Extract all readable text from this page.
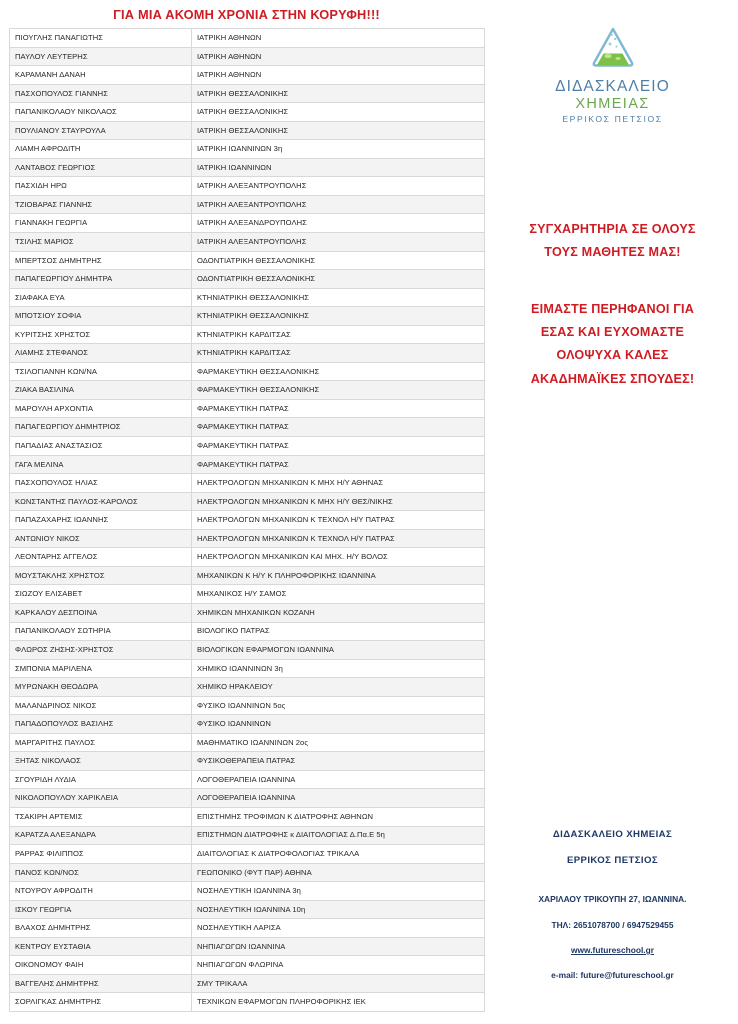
ΓΙΑ ΜΙΑ ΑΚΟΜΗ ΧΡΟΝΙΑ ΣΤΗΝ ΚΟΡΥΦΗ!!!
ΠΙΟΥΓΛΗΣ ΠΑΝΑΓΙΩΤΗΣ	ΙΑΤΡΙΚΗ ΑΘΗΝΩΝ
ΠΑΥΛΟΥ ΛΕΥΤΕΡΗΣ	ΙΑΤΡΙΚΗ ΑΘΗΝΩΝ
ΚΑΡΑΜΑΝΗ ΔΑΝΑΗ	ΙΑΤΡΙΚΗ ΑΘΗΝΩΝ
ΠΑΣΧΟΠΟΥΛΟΣ ΓΙΑΝΝΗΣ	ΙΑΤΡΙΚΗ ΘΕΣΣΑΛΟΝΙΚΗΣ
ΠΑΠΑΝΙΚΟΛΑΟΥ ΝΙΚΟΛΑΟΣ	ΙΑΤΡΙΚΗ ΘΕΣΣΑΛΟΝΙΚΗΣ
ΠΟΥΛΙΑΝΟΥ ΣΤΑΥΡΟΥΛΑ	ΙΑΤΡΙΚΗ ΘΕΣΣΑΛΟΝΙΚΗΣ
ΛΙΑΜΗ ΑΦΡΟΔΙΤΗ	ΙΑΤΡΙΚΗ ΙΩΑΝΝΙΝΩΝ 3η
ΛΑΝΤΑΒΟΣ ΓΕΩΡΓΙΟΣ	ΙΑΤΡΙΚΗ ΙΩΑΝΝΙΝΩΝ
ΠΑΣΧΙΔΗ ΗΡΩ	ΙΑΤΡΙΚΗ ΑΛΕΞΑΝΤΡΟΥΠΟΛΗΣ
ΤΖΙΟΒΑΡΑΣ ΓΙΑΝΝΗΣ	ΙΑΤΡΙΚΗ ΑΛΕΞΑΝΤΡΟΥΠΟΛΗΣ
ΓΙΑΝΝΑΚΗ ΓΕΩΡΓΙΑ	ΙΑΤΡΙΚΗ ΑΛΕΞΑΝΔΡΟΥΠΟΛΗΣ
ΤΣΙΛΗΣ ΜΑΡΙΟΣ	ΙΑΤΡΙΚΗ ΑΛΕΞΑΝΤΡΟΥΠΟΛΗΣ
ΜΠΕΡΤΣΟΣ ΔΗΜΗΤΡΗΣ	ΟΔΟΝΤΙΑΤΡΙΚΗ ΘΕΣΣΑΛΟΝΙΚΗΣ
ΠΑΠΑΓΕΩΡΓΙΟΥ ΔΗΜΗΤΡΑ	ΟΔΟΝΤΙΑΤΡΙΚΗ ΘΕΣΣΑΛΟΝΙΚΗΣ
ΣΙΑΦΑΚΑ ΕΥΑ	ΚΤΗΝΙΑΤΡΙΚΗ ΘΕΣΣΑΛΟΝΙΚΗΣ
ΜΠΟΤΣΙΟΥ ΣΟΦΙΑ	ΚΤΗΝΙΑΤΡΙΚΗ ΘΕΣΣΑΛΟΝΙΚΗΣ
ΚΥΡΙΤΣΗΣ ΧΡΗΣΤΟΣ	ΚΤΗΝΙΑΤΡΙΚΗ ΚΑΡΔΙΤΣΑΣ
ΛΙΑΜΗΣ ΣΤΕΦΑΝΟΣ	ΚΤΗΝΙΑΤΡΙΚΗ ΚΑΡΔΙΤΣΑΣ
ΤΣΙΛΟΓΙΑΝΝΗ ΚΩΝ/ΝΑ	ΦΑΡΜΑΚΕΥΤΙΚΗ ΘΕΣΣΑΛΟΝΙΚΗΣ
ΖΙΑΚΑ ΒΑΣΙΛΙΝΑ	ΦΑΡΜΑΚΕΥΤΙΚΗ ΘΕΣΣΑΛΟΝΙΚΗΣ
ΜΑΡΟΥΛΗ ΑΡΧΟΝΤΙΑ	ΦΑΡΜΑΚΕΥΤΙΚΗ ΠΑΤΡΑΣ
ΠΑΠΑΓΕΩΡΓΙΟΥ ΔΗΜΗΤΡΙΟΣ	ΦΑΡΜΑΚΕΥΤΙΚΗ ΠΑΤΡΑΣ
ΠΑΠΑΔΙΑΣ ΑΝΑΣΤΑΣΙΟΣ	ΦΑΡΜΑΚΕΥΤΙΚΗ ΠΑΤΡΑΣ
ΓΑΓΑ ΜΕΛΙΝΑ	ΦΑΡΜΑΚΕΥΤΙΚΗ ΠΑΤΡΑΣ
ΠΑΣΧΟΠΟΥΛΟΣ ΗΛΙΑΣ	ΗΛΕΚΤΡΟΛΟΓΩΝ ΜΗΧΑΝΙΚΩΝ Κ ΜΗΧ Η/Υ ΑΘΗΝΑΣ
ΚΩΝΣΤΑΝΤΗΣ ΠΑΥΛΟΣ-ΚΑΡΟΛΟΣ	ΗΛΕΚΤΡΟΛΟΓΩΝ ΜΗΧΑΝΙΚΩΝ Κ ΜΗΧ Η/Υ ΘΕΣ/ΝΙΚΗΣ
ΠΑΠΑΖΑΧΑΡΗΣ ΙΩΑΝΝΗΣ	ΗΛΕΚΤΡΟΛΟΓΩΝ ΜΗΧΑΝΙΚΩΝ Κ ΤΕΧΝΟΛ Η/Υ ΠΑΤΡΑΣ
ΑΝΤΩΝΙΟΥ ΝΙΚΟΣ	ΗΛΕΚΤΡΟΛΟΓΩΝ ΜΗΧΑΝΙΚΩΝ Κ ΤΕΧΝΟΛ Η/Υ ΠΑΤΡΑΣ
ΛΕΟΝΤΑΡΗΣ ΑΓΓΕΛΟΣ	ΗΛΕΚΤΡΟΛΟΓΩΝ ΜΗΧΑΝΙΚΩΝ ΚΑΙ ΜΗΧ. Η/Υ ΒΟΛΟΣ
ΜΟΥΣΤΑΚΛΗΣ ΧΡΗΣΤΟΣ	ΜΗΧΑΝΙΚΩΝ Κ Η/Υ Κ ΠΛΗΡΟΦΟΡΙΚΗΣ ΙΩΑΝΝΙΝΑ
ΣΙΩΖΟΥ ΕΛΙΣΑΒΕΤ	ΜΗΧΑΝΙΚΟΣ Η/Υ ΣΑΜΟΣ
ΚΑΡΚΑΛΟΥ ΔΕΣΠΟΙΝΑ	ΧΗΜΙΚΩΝ ΜΗΧΑΝΙΚΩΝ ΚΟΖΑΝΗ
ΠΑΠΑΝΙΚΟΛΑΟΥ ΣΩΤΗΡΙΑ	ΒΙΟΛΟΓΙΚΟ ΠΑΤΡΑΣ
ΦΛΩΡΟΣ ΖΗΣΗΣ-ΧΡΗΣΤΟΣ	ΒΙΟΛΟΓΙΚΩΝ ΕΦΑΡΜΟΓΩΝ ΙΩΑΝΝΙΝΑ
ΣΜΠΟΝΙΑ ΜΑΡΙΛΕΝΑ	ΧΗΜΙΚΟ ΙΩΑΝΝΙΝΩΝ 3η
ΜΥΡΩΝΑΚΗ ΘΕΟΔΩΡΑ	ΧΗΜΙΚΟ ΗΡΑΚΛΕΙΟΥ
ΜΑΛΑΝΔΡΙΝΟΣ ΝΙΚΟΣ	ΦΥΣΙΚΟ ΙΩΑΝΝΙΝΩΝ 5ος
ΠΑΠΑΔΟΠΟΥΛΟΣ ΒΑΣΙΛΗΣ	ΦΥΣΙΚΟ ΙΩΑΝΝΙΝΩΝ
ΜΑΡΓΑΡΙΤΗΣ ΠΑΥΛΟΣ	ΜΑΘΗΜΑΤΙΚΟ ΙΩΑΝΝΙΝΩΝ 2ος
ΞΗΤΑΣ ΝΙΚΟΛΑΟΣ	ΦΥΣΙΚΟΘΕΡΑΠΕΙΑ ΠΑΤΡΑΣ
ΣΓΟΥΡΙΔΗ ΛΥΔΙΑ	ΛΟΓΟΘΕΡΑΠΕΙΑ ΙΩΑΝΝΙΝΑ
ΝΙΚΟΛΟΠΟΥΛΟΥ ΧΑΡΙΚΛΕΙΑ	ΛΟΓΟΘΕΡΑΠΕΙΑ ΙΩΑΝΝΙΝΑ
ΤΣΑΚΙΡΗ ΑΡΤΕΜΙΣ	ΕΠΙΣΤΗΜΗΣ ΤΡΟΦΙΜΩΝ Κ ΔΙΑΤΡΟΦΗΣ ΑΘΗΝΩΝ
ΚΑΡΑΤΖΑ ΑΛΕΞΑΝΔΡΑ	ΕΠΙΣΤΗΜΩΝ ΔΙΑΤΡΟΦΗΣ κ ΔΙΑΙΤΟΛΟΓΙΑΣ Δ.Πα.Ε 5η
ΡΑΡΡΑΣ ΦΙΛΙΠΠΟΣ	ΔΙΑΙΤΟΛΟΓΙΑΣ Κ ΔΙΑΤΡΟΦΟΛΟΓΙΑΣ ΤΡΙΚΑΛΑ
ΠΑΝΟΣ ΚΩΝ/ΝΟΣ	ΓΕΩΠΟΝΙΚΟ (ΦΥΤ ΠΑΡ) ΑΘΗΝΑ
ΝΤΟΥΡΟΥ ΑΦΡΟΔΙΤΗ	ΝΟΣΗΛΕΥΤΙΚΗ ΙΩΑΝΝΙΝΑ 3η
ΙΣΚΟΥ ΓΕΩΡΓΙΑ	ΝΟΣΗΛΕΥΤΙΚΗ ΙΩΑΝΝΙΝΑ 10η
ΒΛΑΧΟΣ ΔΗΜΗΤΡΗΣ	ΝΟΣΗΛΕΥΤΙΚΗ ΛΑΡΙΣΑ
ΚΕΝΤΡΟΥ ΕΥΣΤΑΘΙΑ	ΝΗΠΙΑΓΩΓΩΝ ΙΩΑΝΝΙΝΑ
ΟΙΚΟΝΟΜΟΥ ΦΑΙΗ	ΝΗΠΙΑΓΩΓΩΝ ΦΛΩΡΙΝΑ
ΒΑΓΓΕΛΗΣ ΔΗΜΗΤΡΗΣ	ΣΜΥ ΤΡΙΚΑΛΑ
ΣΟΡΛΙΓΚΑΣ ΔΗΜΗΤΡΗΣ	ΤΕΧΝΙΚΩΝ ΕΦΑΡΜΟΓΩΝ ΠΛΗΡΟΦΟΡΙΚΗΣ ΙΕΚ
ΔΙΔΑΣΚΑΛΕΙΟ
ΧΗΜΕΙΑΣ
ΕΡΡΙΚΟΣ ΠΕΤΣΙΟΣ
ΣΥΓΧΑΡΗΤΗΡΙΑ ΣΕ ΟΛΟΥΣ
ΤΟΥΣ ΜΑΘΗΤΕΣ ΜΑΣ!
ΕΙΜΑΣΤΕ ΠΕΡΗΦΑΝΟΙ ΓΙΑ
ΕΣΑΣ ΚΑΙ ΕΥΧΟΜΑΣΤΕ
ΟΛΟΨΥΧΑ ΚΑΛΕΣ
ΑΚΑΔΗΜΑΪΚΕΣ ΣΠΟΥΔΕΣ!
ΔΙΔΑΣΚΑΛΕΙΟ ΧΗΜΕΙΑΣ
ΕΡΡΙΚΟΣ ΠΕΤΣΙΟΣ
ΧΑΡΙΛΑΟΥ ΤΡΙΚΟΥΠΗ 27, ΙΩΑΝΝΙΝΑ.
ΤΗΛ: 2651078700 / 6947529455
www.futureschool.gr
e-mail: future@futureschool.gr
